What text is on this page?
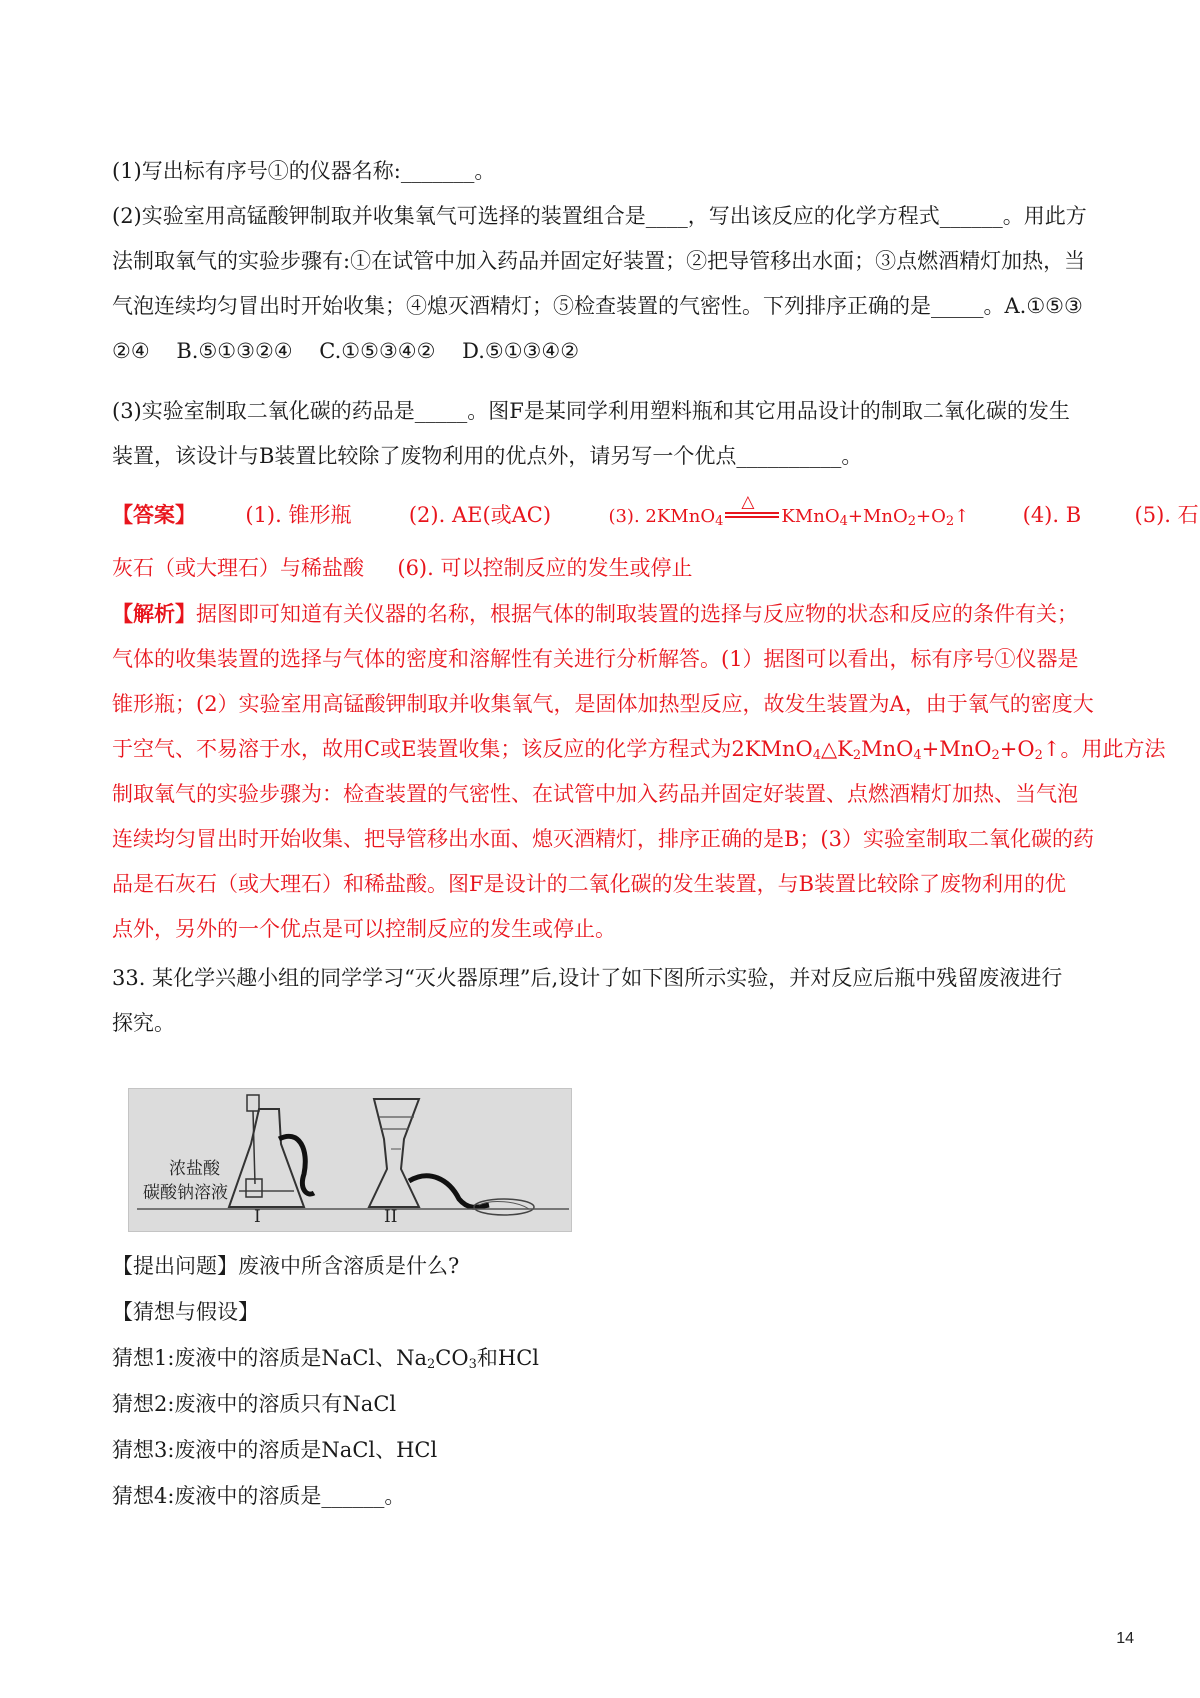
(1)写出标有序号①的仪器名称:_______。
(2)实验室用高锰酸钾制取并收集氧气可选择的装置组合是____，写出该反应的化学方程式______。用此方
法制取氧气的实验步骤有:①在试管中加入药品并固定好装置；②把导管移出水面；③点燃酒精灯加热，当
气泡连续均匀冒出时开始收集；④熄灭酒精灯；⑤检查装置的气密性。下列排序正确的是_____。A.①⑤③
②④    B.⑤①③②④    C.①⑤③④②    D.⑤①③④②
(3)实验室制取二氧化碳的药品是_____。图F是某同学利用塑料瓶和其它用品设计的制取二氧化碳的发生
装置，该设计与B装置比较除了废物利用的优点外，请另写一个优点__________。
【答案】 (1). 锥形瓶	(2). AE(或AC)	(3). 2KMnO$_4$
△
$KMnO_4+MnO_2+O_2↑$	(4). B	(5). 石
灰石（或大理石）与稀盐酸     (6). 可以控制反应的发生或停止
【解析】据图即可知道有关仪器的名称，根据气体的制取装置的选择与反应物的状态和反应的条件有关；
气体的收集装置的选择与气体的密度和溶解性有关进行分析解答。(1）据图可以看出，标有序号①仪器是
锥形瓶；(2）实验室用高锰酸钾制取并收集氧气，是固体加热型反应，故发生装置为A，由于氧气的密度大
于空气、不易溶于水，故用C或E装置收集；该反应的化学方程式为$2KMnO_4\triangle K_2MnO_4+MnO_2+O_2↑$。用此方法
制取氧气的实验步骤为：检查装置的气密性、在试管中加入药品并固定好装置、点燃酒精灯加热、当气泡
连续均匀冒出时开始收集、把导管移出水面、熄灭酒精灯，排序正确的是B；(3）实验室制取二氧化碳的药
品是石灰石（或大理石）和稀盐酸。图F是设计的二氧化碳的发生装置，与B装置比较除了废物利用的优
点外，另外的一个优点是可以控制反应的发生或停止。
33. 某化学兴趣小组的同学学习“灭火器原理”后,设计了如下图所示实验，并对反应后瓶中残留废液进行
探究。
浓盐酸
碳酸钠溶液
I	II
【提出问题】废液中所含溶质是什么?
【猜想与假设】
猜想1:废液中的溶质是NaCl、$Na_2CO_3$和HCl
猜想2:废液中的溶质只有NaCl
猜想3:废液中的溶质是NaCl、HCl
猜想4:废液中的溶质是______。
14
